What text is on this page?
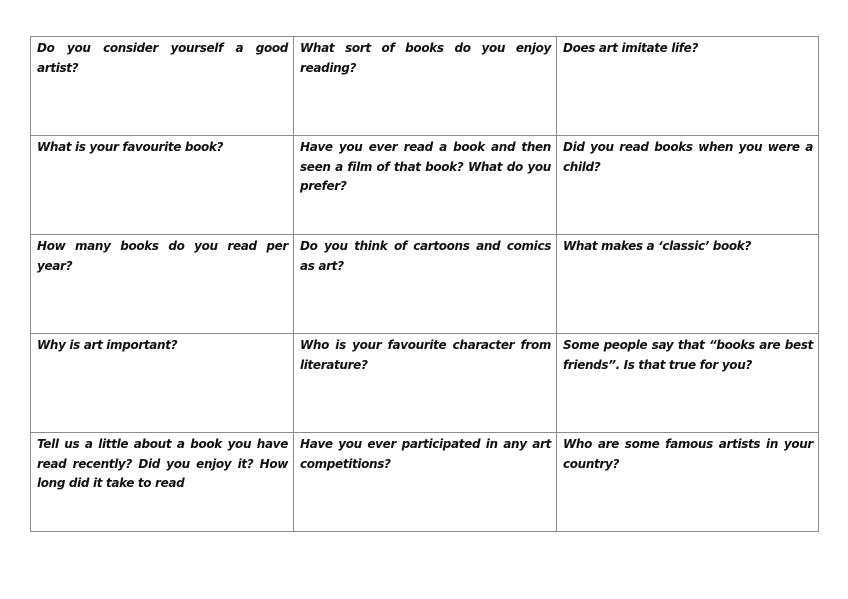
Do you consider yourself a good artist?	What sort of books do you enjoy reading?	Does art imitate life?

What is your favourite book?	Have you ever read a book and then seen a film of that book? What do you prefer?	Did you read books when you were a child?

How many books do you read per year?	Do you think of cartoons and comics as art?	What makes a ‘classic’ book?

Why is art important?	Who is your favourite character from literature?	Some people say that “books are best friends”. Is that true for you?

Tell us a little about a book you have read recently? Did you enjoy it? How long did it take to read	Have you ever participated in any art competitions?	Who are some famous artists in your country?
